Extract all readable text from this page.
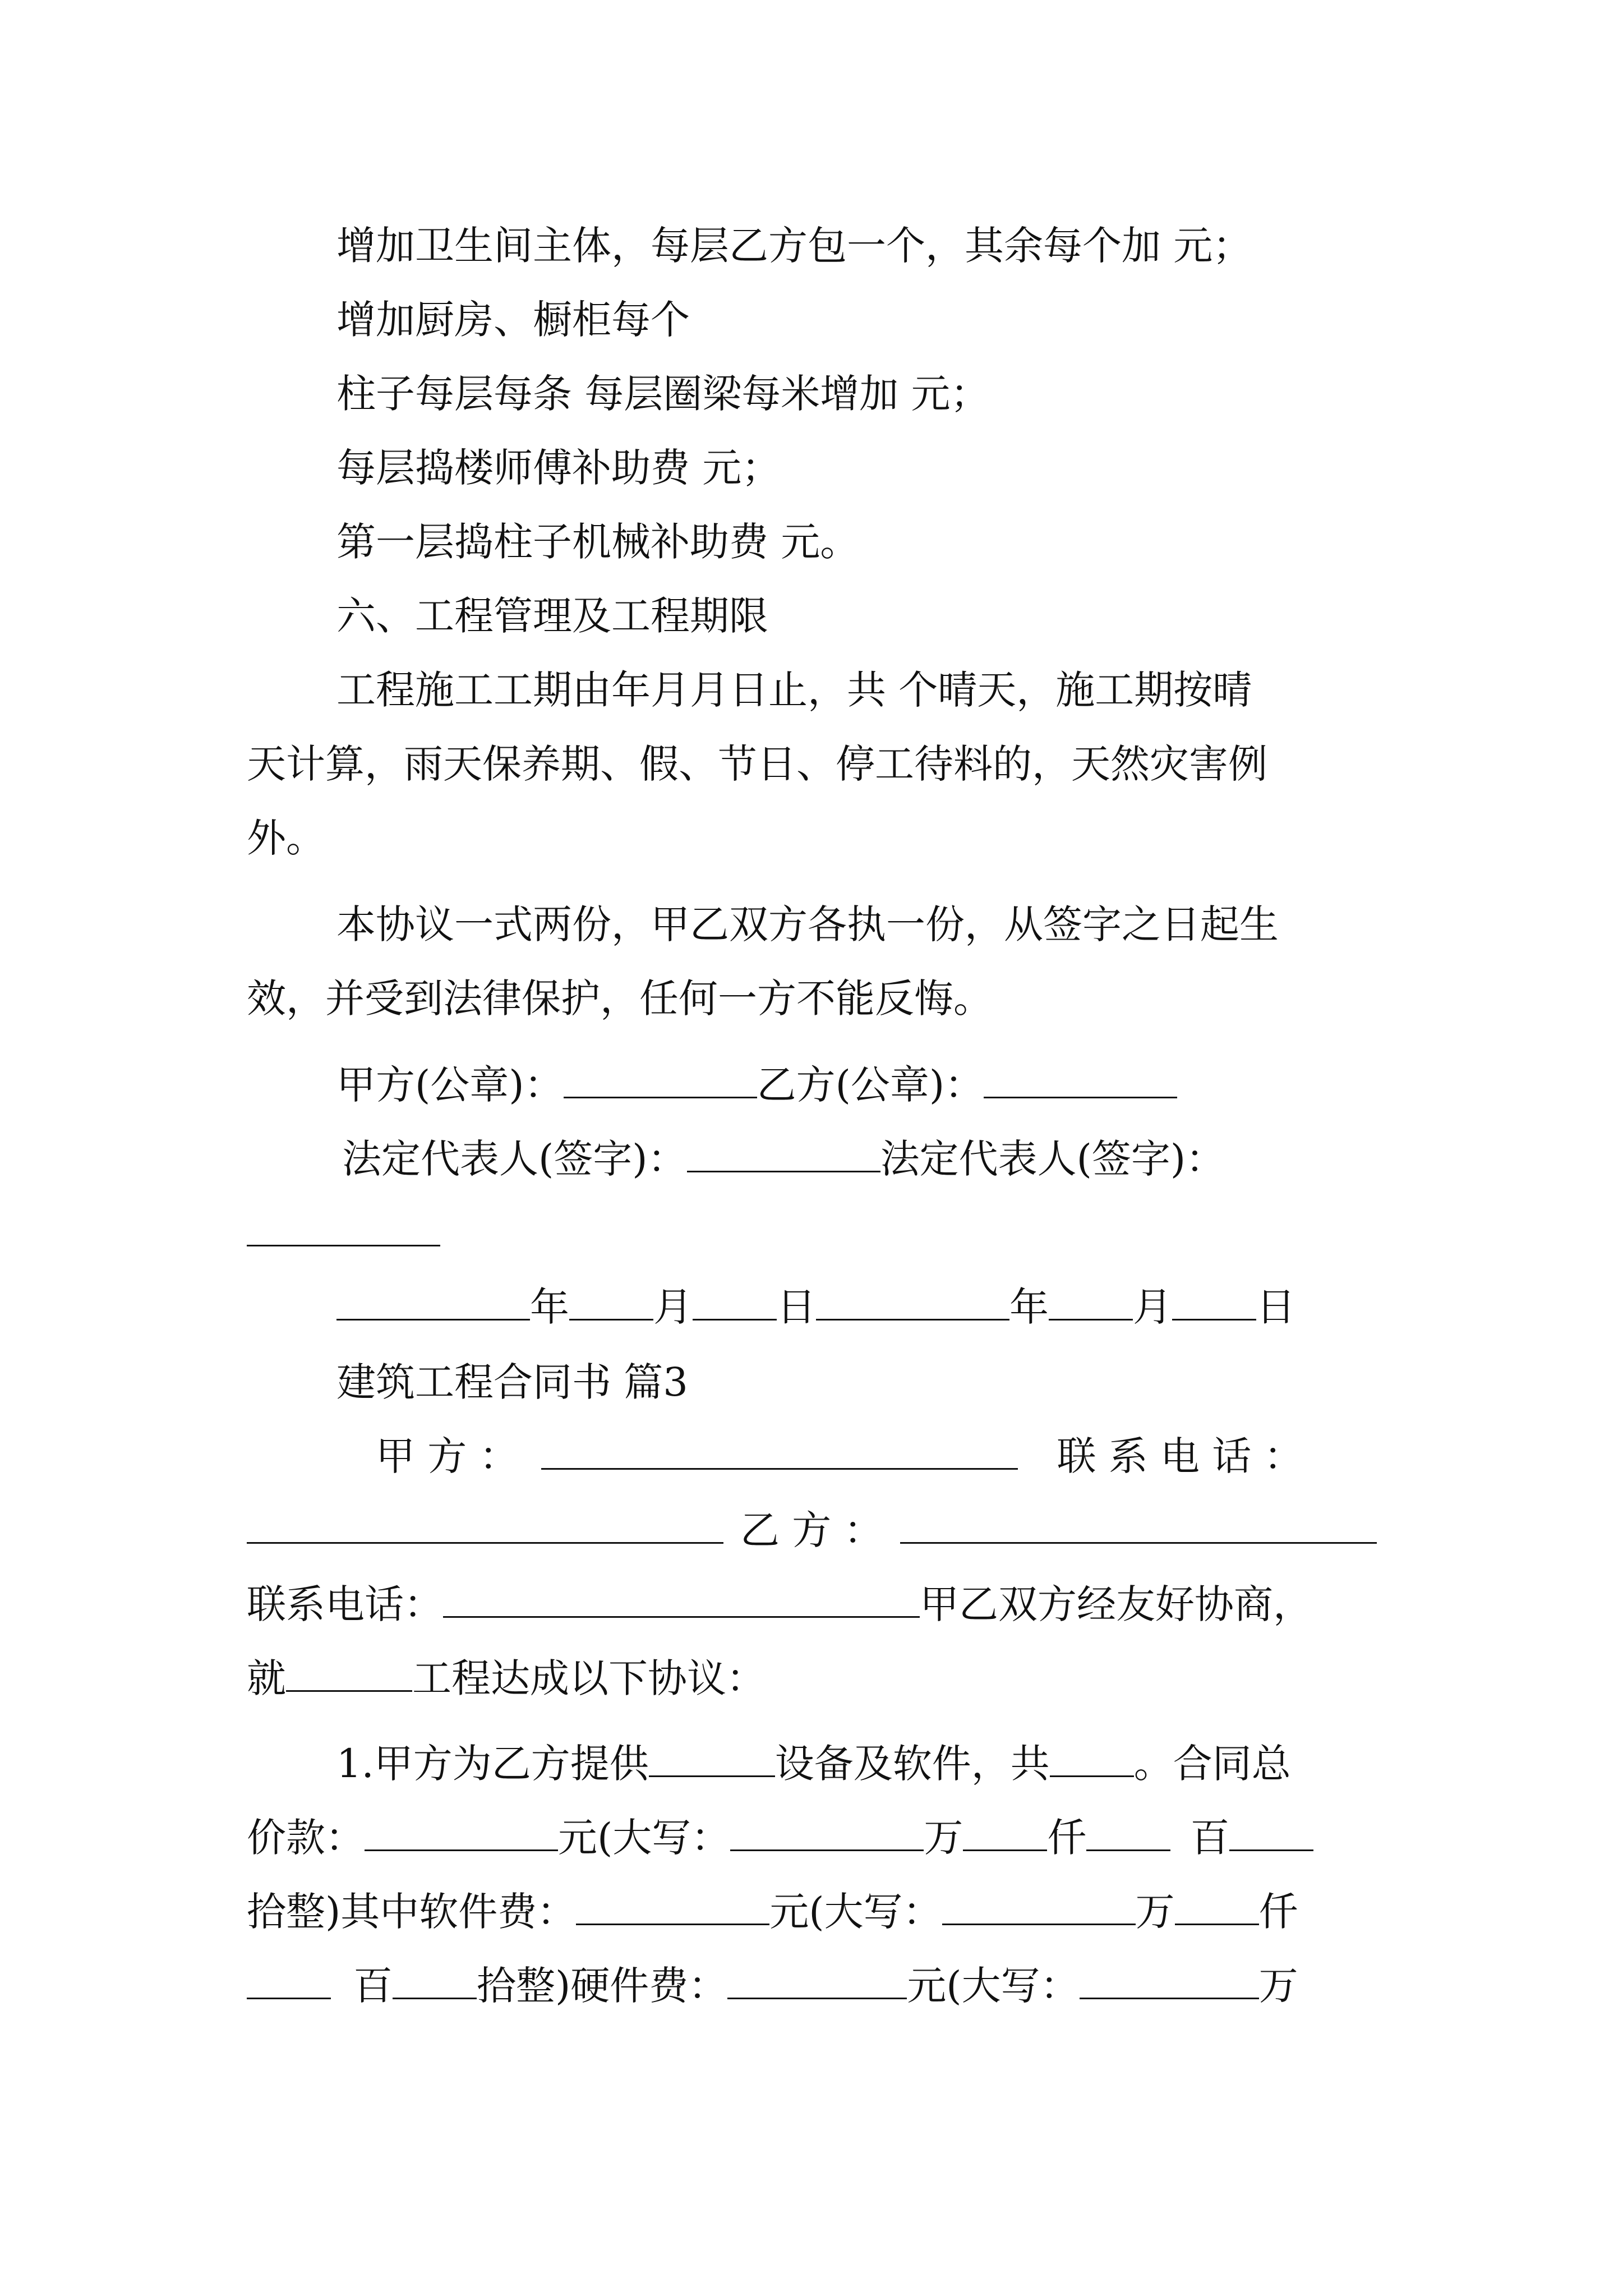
增加卫生间主体，每层乙方包一个，其余每个加 元；
增加厨房、橱柜每个
柱子每层每条 每层圈梁每米增加 元；
每层捣楼师傅补助费 元；
第一层捣柱子机械补助费 元。
六、工程管理及工程期限
工程施工工期由年月月日止，共 个晴天，施工期按晴
天计算，雨天保养期、假、节日、停工待料的，天然灾害例
外。
本协议一式两份，甲乙双方各执一份，从签字之日起生
效，并受到法律保护，任何一方不能反悔。
甲方(公章)：	乙方(公章)：
法定代表人(签字)：	法定代表人(签字)：
年 月 日	年 月 日
建筑工程合同书 篇3
甲 方 ：	联 系 电 话 ：
乙 方 ：
联系电话：	甲乙双方经友好协商，
就	工程达成以下协议：
1.甲方为乙方提供	设备及软件，共 。合同总
价款：	元(大写：	万 仟	百
拾整)其中软件费：	元(大写：	万 仟
百 拾整)硬件费：	元(大写：	万
